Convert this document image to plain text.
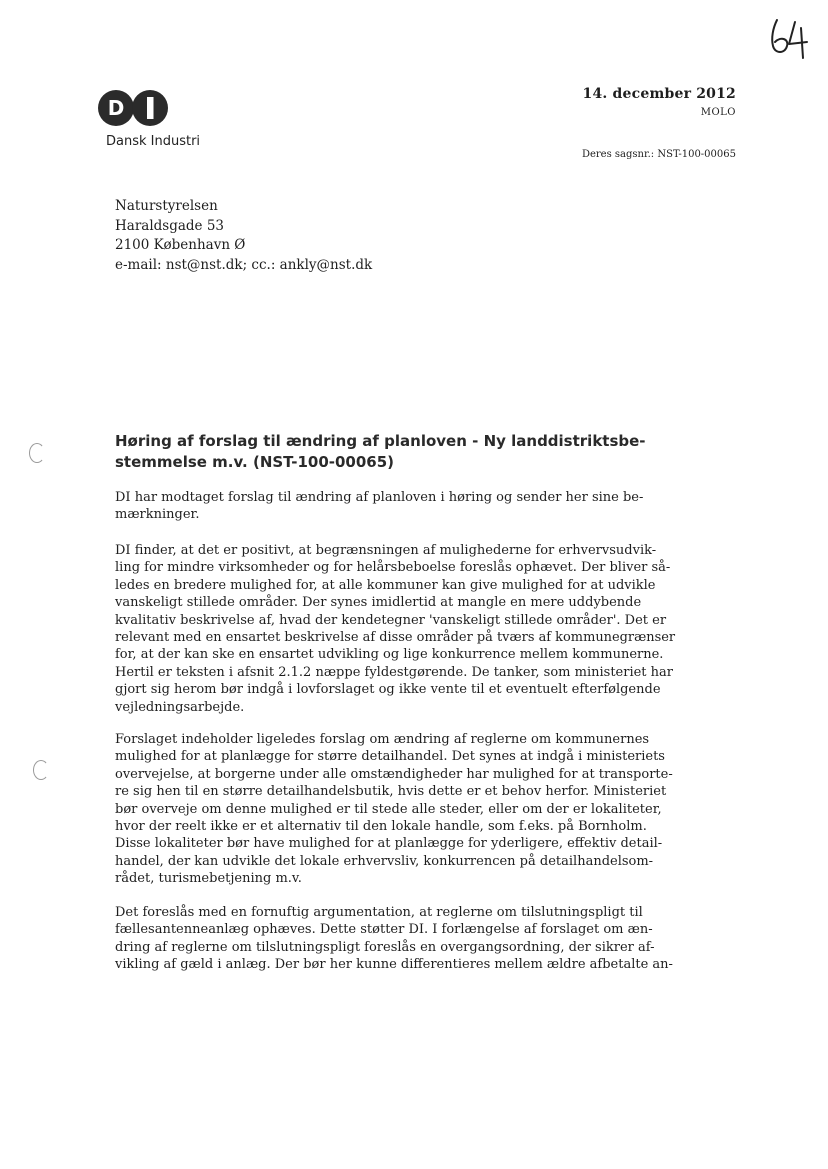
D
Dansk Industri
14. december 2012
MOLO
Deres sagsnr.: NST-100-00065
Naturstyrelsen
Haraldsgade 53
2100 København Ø
e-mail: nst@nst.dk; cc.: ankly@nst.dk
Høring af forslag til ændring af planloven - Ny landdistriktsbe-
stemmelse m.v. (NST-100-00065)
DI har modtaget forslag til ændring af planloven i høring og sender her sine be-
mærkninger.
DI finder, at det er positivt, at begrænsningen af mulighederne for erhvervsudvik-
ling for mindre virksomheder og for helårsbeboelse foreslås ophævet. Der bliver så-
ledes en bredere mulighed for, at alle kommuner kan give mulighed for at udvikle
vanskeligt stillede områder. Der synes imidlertid at mangle en mere uddybende
kvalitativ beskrivelse af, hvad der kendetegner 'vanskeligt stillede områder'. Det er
relevant med en ensartet beskrivelse af disse områder på tværs af kommunegrænser
for, at der kan ske en ensartet udvikling og lige konkurrence mellem kommunerne.
Hertil er teksten i afsnit 2.1.2 næppe fyldestgørende. De tanker, som ministeriet har
gjort sig herom bør indgå i lovforslaget og ikke vente til et eventuelt efterfølgende
vejledningsarbejde.
Forslaget indeholder ligeledes forslag om ændring af reglerne om kommunernes
mulighed for at planlægge for større detailhandel. Det synes at indgå i ministeriets
overvejelse, at borgerne under alle omstændigheder har mulighed for at transporte-
re sig hen til en større detailhandelsbutik, hvis dette er et behov herfor. Ministeriet
bør overveje om denne mulighed er til stede alle steder, eller om der er lokaliteter,
hvor der reelt ikke er et alternativ til den lokale handle, som f.eks. på Bornholm.
Disse lokaliteter bør have mulighed for at planlægge for yderligere, effektiv detail-
handel, der kan udvikle det lokale erhvervsliv, konkurrencen på detailhandelsom-
rådet, turismebetjening m.v.
Det foreslås med en fornuftig argumentation, at reglerne om tilslutningspligt til
fællesantenneanlæg ophæves. Dette støtter DI. I forlængelse af forslaget om æn-
dring af reglerne om tilslutningspligt foreslås en overgangsordning, der sikrer af-
vikling af gæld i anlæg. Der bør her kunne differentieres mellem ældre afbetalte an-
